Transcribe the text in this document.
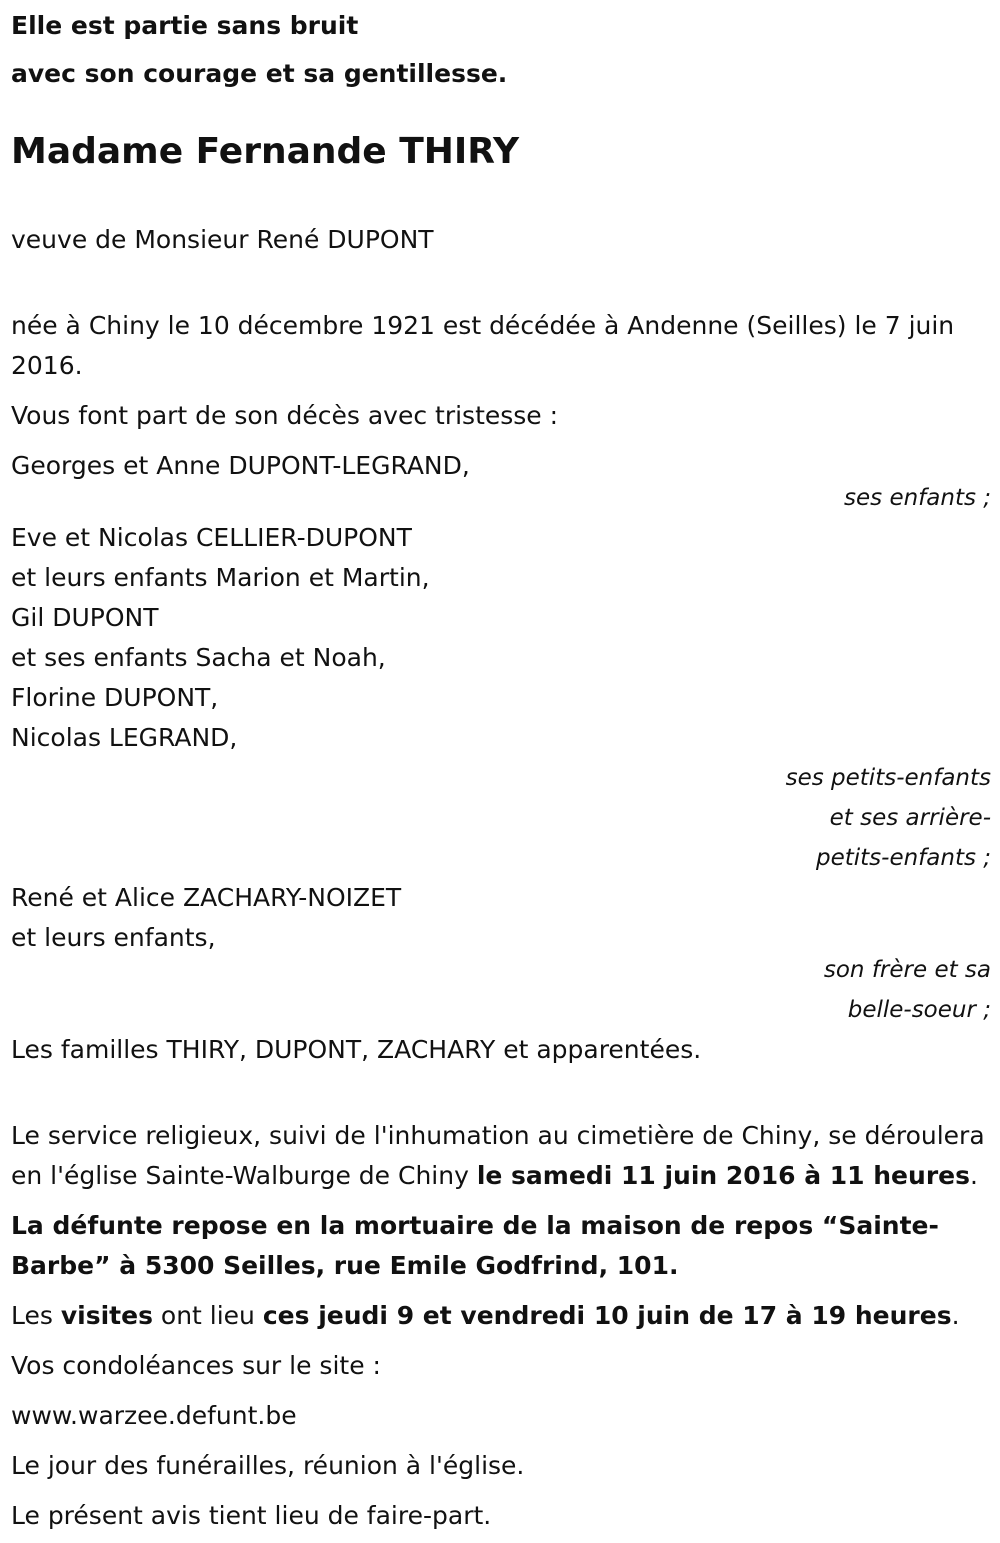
Elle est partie sans bruit

avec son courage et sa gentillesse.

Madame Fernande THIRY

veuve de Monsieur René DUPONT

née à Chiny le 10 décembre 1921 est décédée à Andenne (Seilles) le 7 juin 2016.

Vous font part de son décès avec tristesse :

Georges et Anne DUPONT-LEGRAND,

ses enfants ;

Eve et Nicolas CELLIER-DUPONT

et leurs enfants Marion et Martin,

Gil DUPONT

et ses enfants Sacha et Noah,

Florine DUPONT,

Nicolas LEGRAND,

ses petits-enfants

et ses arrière-

petits-enfants ;

René et Alice ZACHARY-NOIZET

et leurs enfants,

son frère et sa

belle-soeur ;

Les familles THIRY, DUPONT, ZACHARY et apparentées.

Le service religieux, suivi de l'inhumation au cimetière de Chiny, se déroulera en l'église Sainte-Walburge de Chiny le samedi 11 juin 2016 à 11 heures.

La défunte repose en la mortuaire de la maison de repos “Sainte-Barbe” à 5300 Seilles, rue Emile Godfrind, 101.

Les visites ont lieu ces jeudi 9 et vendredi 10 juin de 17 à 19 heures.

Vos condoléances sur le site :

www.warzee.defunt.be

Le jour des funérailles, réunion à l'église.

Le présent avis tient lieu de faire-part.
